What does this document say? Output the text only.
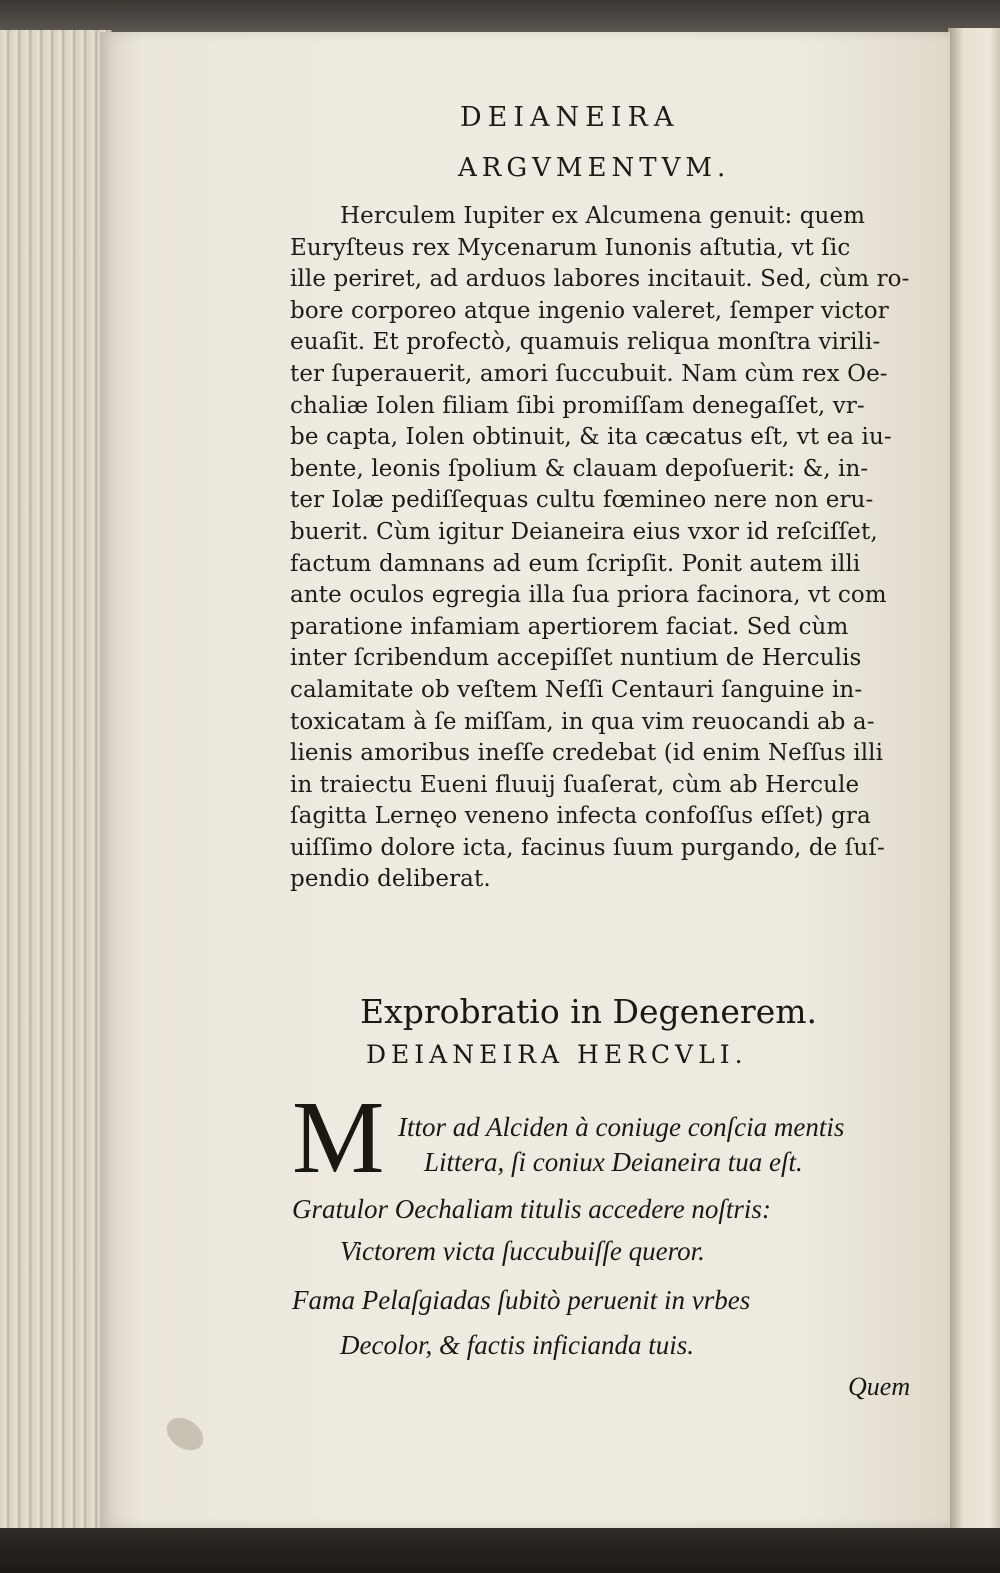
DEIANEIRA
ARGVMENTVM.
Herculem Iupiter ex Alcumena genuit: quem
Euryſteus rex Mycenarum Iunonis aſtutia, vt ſic
ille periret, ad arduos labores incitauit. Sed, cùm ro-
bore corporeo atque ingenio valeret, ſemper victor
euaſit. Et profectò, quamuis reliqua monſtra virili-
ter ſuperauerit, amori ſuccubuit. Nam cùm rex Oe-
chaliæ Iolen filiam ſibi promiſſam denegaſſet, vr-
be capta, Iolen obtinuit, & ita cæcatus eſt, vt ea iu-
bente, leonis ſpolium & clauam depoſuerit: &, in-
ter Iolæ pediſſequas cultu fœmineo nere non eru-
buerit. Cùm igitur Deianeira eius vxor id reſciſſet,
factum damnans ad eum ſcripſit. Ponit autem illi
ante oculos egregia illa ſua priora facinora, vt com
paratione infamiam apertiorem faciat. Sed cùm
inter ſcribendum accepiſſet nuntium de Herculis
calamitate ob veſtem Neſſi Centauri ſanguine in-
toxicatam à ſe miſſam, in qua vim reuocandi ab a-
lienis amoribus ineſſe credebat (id enim Neſſus illi
in traiectu Eueni fluuij ſuaſerat, cùm ab Hercule
ſagitta Lernęo veneno infecta confoſſus eſſet) gra
uiſſimo dolore icta, facinus ſuum purgando, de ſuſ-
pendio deliberat.
Exprobratio in Degenerem.
DEIANEIRA HERCVLI.
M Ittor ad Alciden à coniuge conſcia mentis
Littera, ſi coniux Deianeira tua eſt.
Gratulor Oechaliam titulis accedere noſtris:
Victorem victa ſuccubuiſſe queror.
Fama Pelaſgiadas ſubitò peruenit in vrbes
Decolor, & factis inficianda tuis.
Quem
